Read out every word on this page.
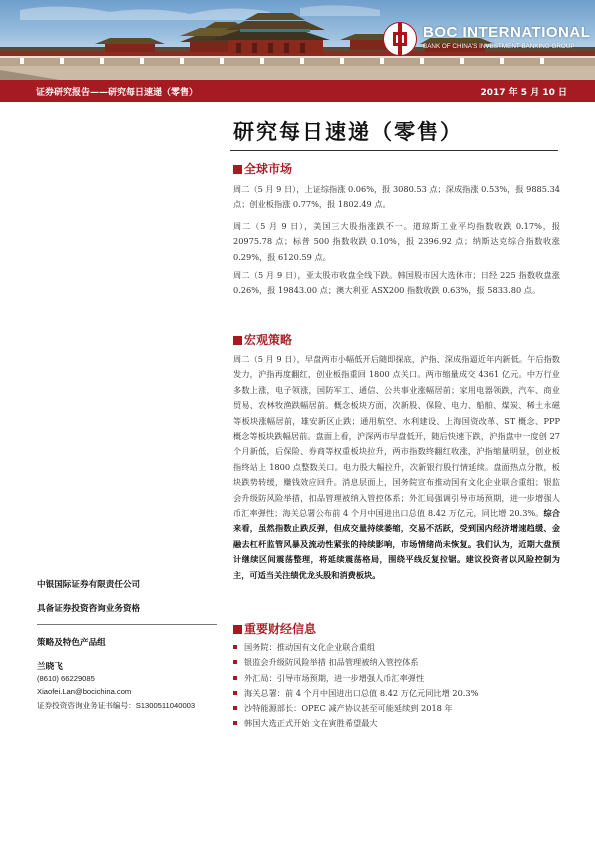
BOC INTERNATIONAL
BANK OF CHINA'S INVESTMENT BANKING GROUP
证券研究报告——研究每日速递（零售）	2017 年 5 月 10 日
研究每日速递（零售）
全球市场
周二（5 月 9 日），上证综指涨 0.06%，报 3080.53 点；深成指涨 0.53%，报 9885.34 点；创业板指涨 0.77%，报 1802.49 点。
周二（5 月 9 日），美国三大股指涨跌不一。道琼斯工业平均指数收跌 0.17%，报 20975.78 点；标普 500 指数收跌 0.10%，报 2396.92 点；纳斯达克综合指数收涨 0.29%，报 6120.59 点。
周二（5 月 9 日），亚太股市收盘全线下跌。韩国股市因大选休市；日经 225 指数收盘涨 0.26%，报 19843.00 点；澳大利亚 ASX200 指数收跌 0.63%，报 5833.80 点。
宏观策略
周二（5 月 9 日），早盘两市小幅低开后随即探底，沪指、深成指逼近年内新低。午后指数发力，沪指再度翻红，创业板指重回 1800 点关口。两市缩量成交 4361 亿元。中万行业多数上涨，电子领涨，国防军工、通信、公共事业涨幅居前；家用电器领跌，汽车、商业贸易、农林牧渔跌幅居前。概念板块方面，次新股、保险、电力、船舶、煤炭、稀土永磁等板块涨幅居前，雄安新区止跌；通用航空、水利建设、上海国资改革、ST 概念、PPP 概念等板块跌幅居前。盘面上看，沪深两市早盘低开，随后快速下跌，沪指盘中一度创 27 个月新低，后保险、券商等权重板块拉升，两市指数终翻红收涨，沪指缩量明显，创业板指终站上 1800 点整数关口。电力股大幅拉升，次新银行股行情延续。盘面热点分散，板块跌势转缓，赚钱效应回升。消息层面上，国务院宣布推动国有文化企业联合重组；银监会升级防风险举措，扣品管理被纳入管控体系；外汇局强调引导市场预期，进一步增强人币汇率弹性；海关总署公布前 4 个月中国进出口总值 8.42 万亿元，同比增 20.3%。综合来看，虽然指数止跌反弹，但成交量持续萎缩，交易不活跃，受到国内经济增速趋缓、金融去杠杆监管风暴及流动性紧张的持续影响，市场情绪尚未恢复。我们认为，近期大盘预计继续区间震荡整理，将延续震荡格局，围绕平线反复拉锯。建议投资者以风险控制为主，可适当关注绩优龙头股和消费板块。
重要财经信息
国务院：推动国有文化企业联合重组
银监会升级防风险举措 扣品管理被纳入管控体系
外汇局：引导市场预期，进一步增强人币汇率弹性
海关总署：前 4 个月中国进出口总值 8.42 万亿元同比增 20.3%
沙特能源部长：OPEC 减产协议甚至可能延续到 2018 年
韩国大选正式开始 文在寅胜希望最大
中银国际证券有限责任公司
具备证券投资咨询业务资格
策略及特色产品组
兰晓飞
(8610) 66229085
Xiaofei.Lan@bocichina.com
证券投资咨询业务证书编号：S1300511040003
